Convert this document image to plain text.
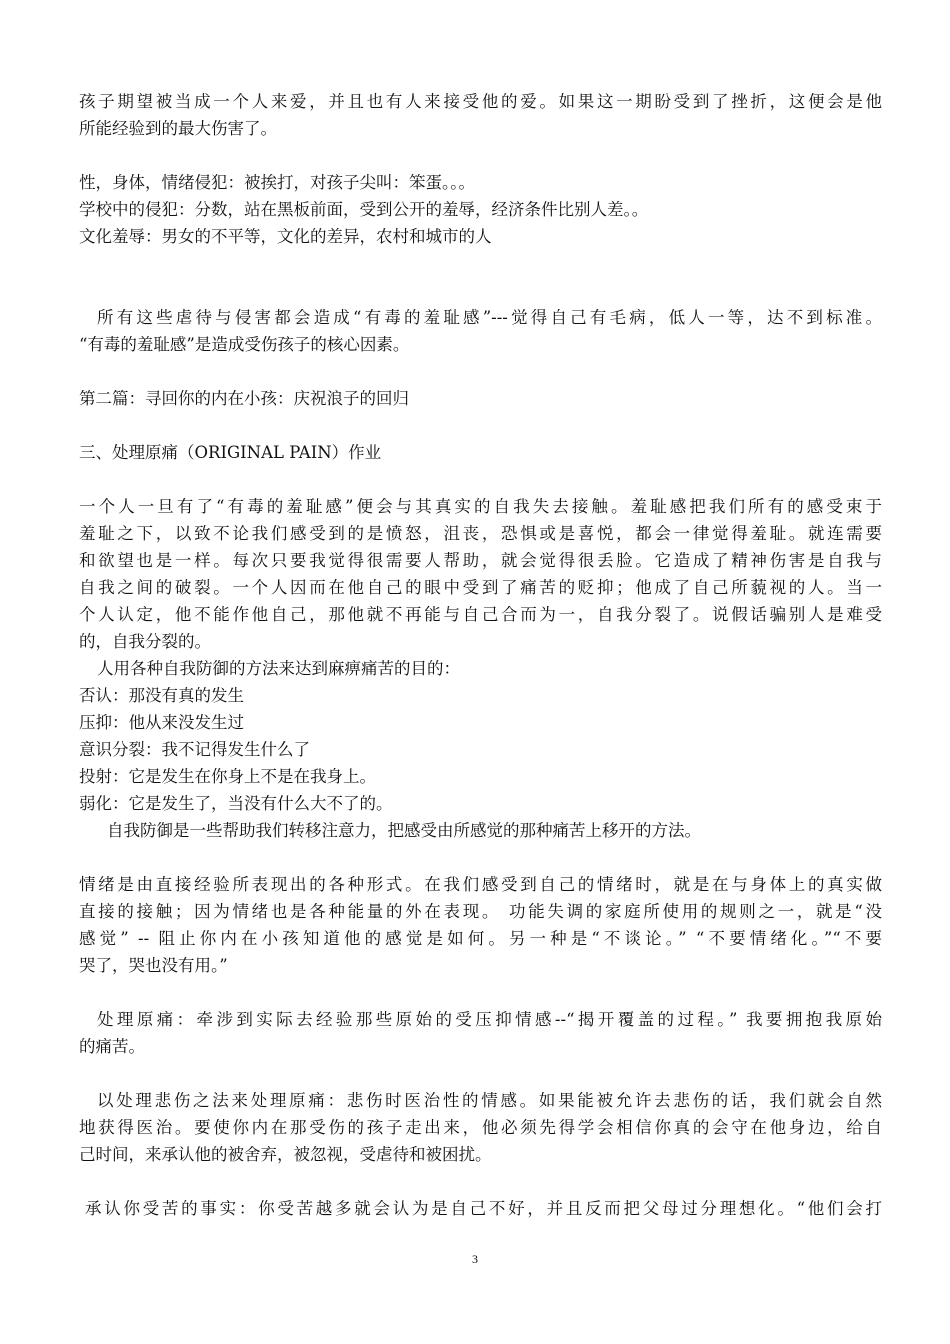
孩子期望被当成一个人来爱，并且也有人来接受他的爱。如果这一期盼受到了挫折，这便会是他
所能经验到的最大伤害了。
性，身体，情绪侵犯：被挨打，对孩子尖叫：笨蛋。。。
学校中的侵犯：分数，站在黑板前面，受到公开的羞辱，经济条件比别人差。。
文化羞辱：男女的不平等，文化的差异，农村和城市的人
所有这些虐待与侵害都会造成“有毒的羞耻感”---觉得自己有毛病，低人一等，达不到标准。
“有毒的羞耻感”是造成受伤孩子的核心因素。
第二篇：寻回你的内在小孩：庆祝浪子的回归
三、处理原痛（ORIGINAL PAIN）作业
一个人一旦有了“有毒的羞耻感”便会与其真实的自我失去接触。羞耻感把我们所有的感受束于
羞耻之下，以致不论我们感受到的是愤怒，沮丧，恐惧或是喜悦，都会一律觉得羞耻。就连需要
和欲望也是一样。每次只要我觉得很需要人帮助，就会觉得很丢脸。它造成了精神伤害是自我与
自我之间的破裂。一个人因而在他自己的眼中受到了痛苦的贬抑；他成了自己所藐视的人。当一
个人认定，他不能作他自己，那他就不再能与自己合而为一，自我分裂了。说假话骗别人是难受
的，自我分裂的。
人用各种自我防御的方法来达到麻痹痛苦的目的：
否认：那没有真的发生
压抑：他从来没发生过
意识分裂：我不记得发生什么了
投射：它是发生在你身上不是在我身上。
弱化：它是发生了，当没有什么大不了的。
自我防御是一些帮助我们转移注意力，把感受由所感觉的那种痛苦上移开的方法。
情绪是由直接经验所表现出的各种形式。在我们感受到自己的情绪时，就是在与身体上的真实做
直接的接触；因为情绪也是各种能量的外在表现。 功能失调的家庭所使用的规则之一，就是“没
感觉” -- 阻止你内在小孩知道他的感觉是如何。另一种是“不谈论。” “不要情绪化。”“不要
哭了，哭也没有用。”
处理原痛：牵涉到实际去经验那些原始的受压抑情感--“揭开覆盖的过程。” 我要拥抱我原始
的痛苦。
以处理悲伤之法来处理原痛：悲伤时医治性的情感。如果能被允许去悲伤的话，我们就会自然
地获得医治。要使你内在那受伤的孩子走出来，他必须先得学会相信你真的会守在他身边，给自
己时间，来承认他的被舍弃，被忽视，受虐待和被困扰。
承认你受苦的事实：你受苦越多就会认为是自己不好，并且反而把父母过分理想化。“他们会打
3
